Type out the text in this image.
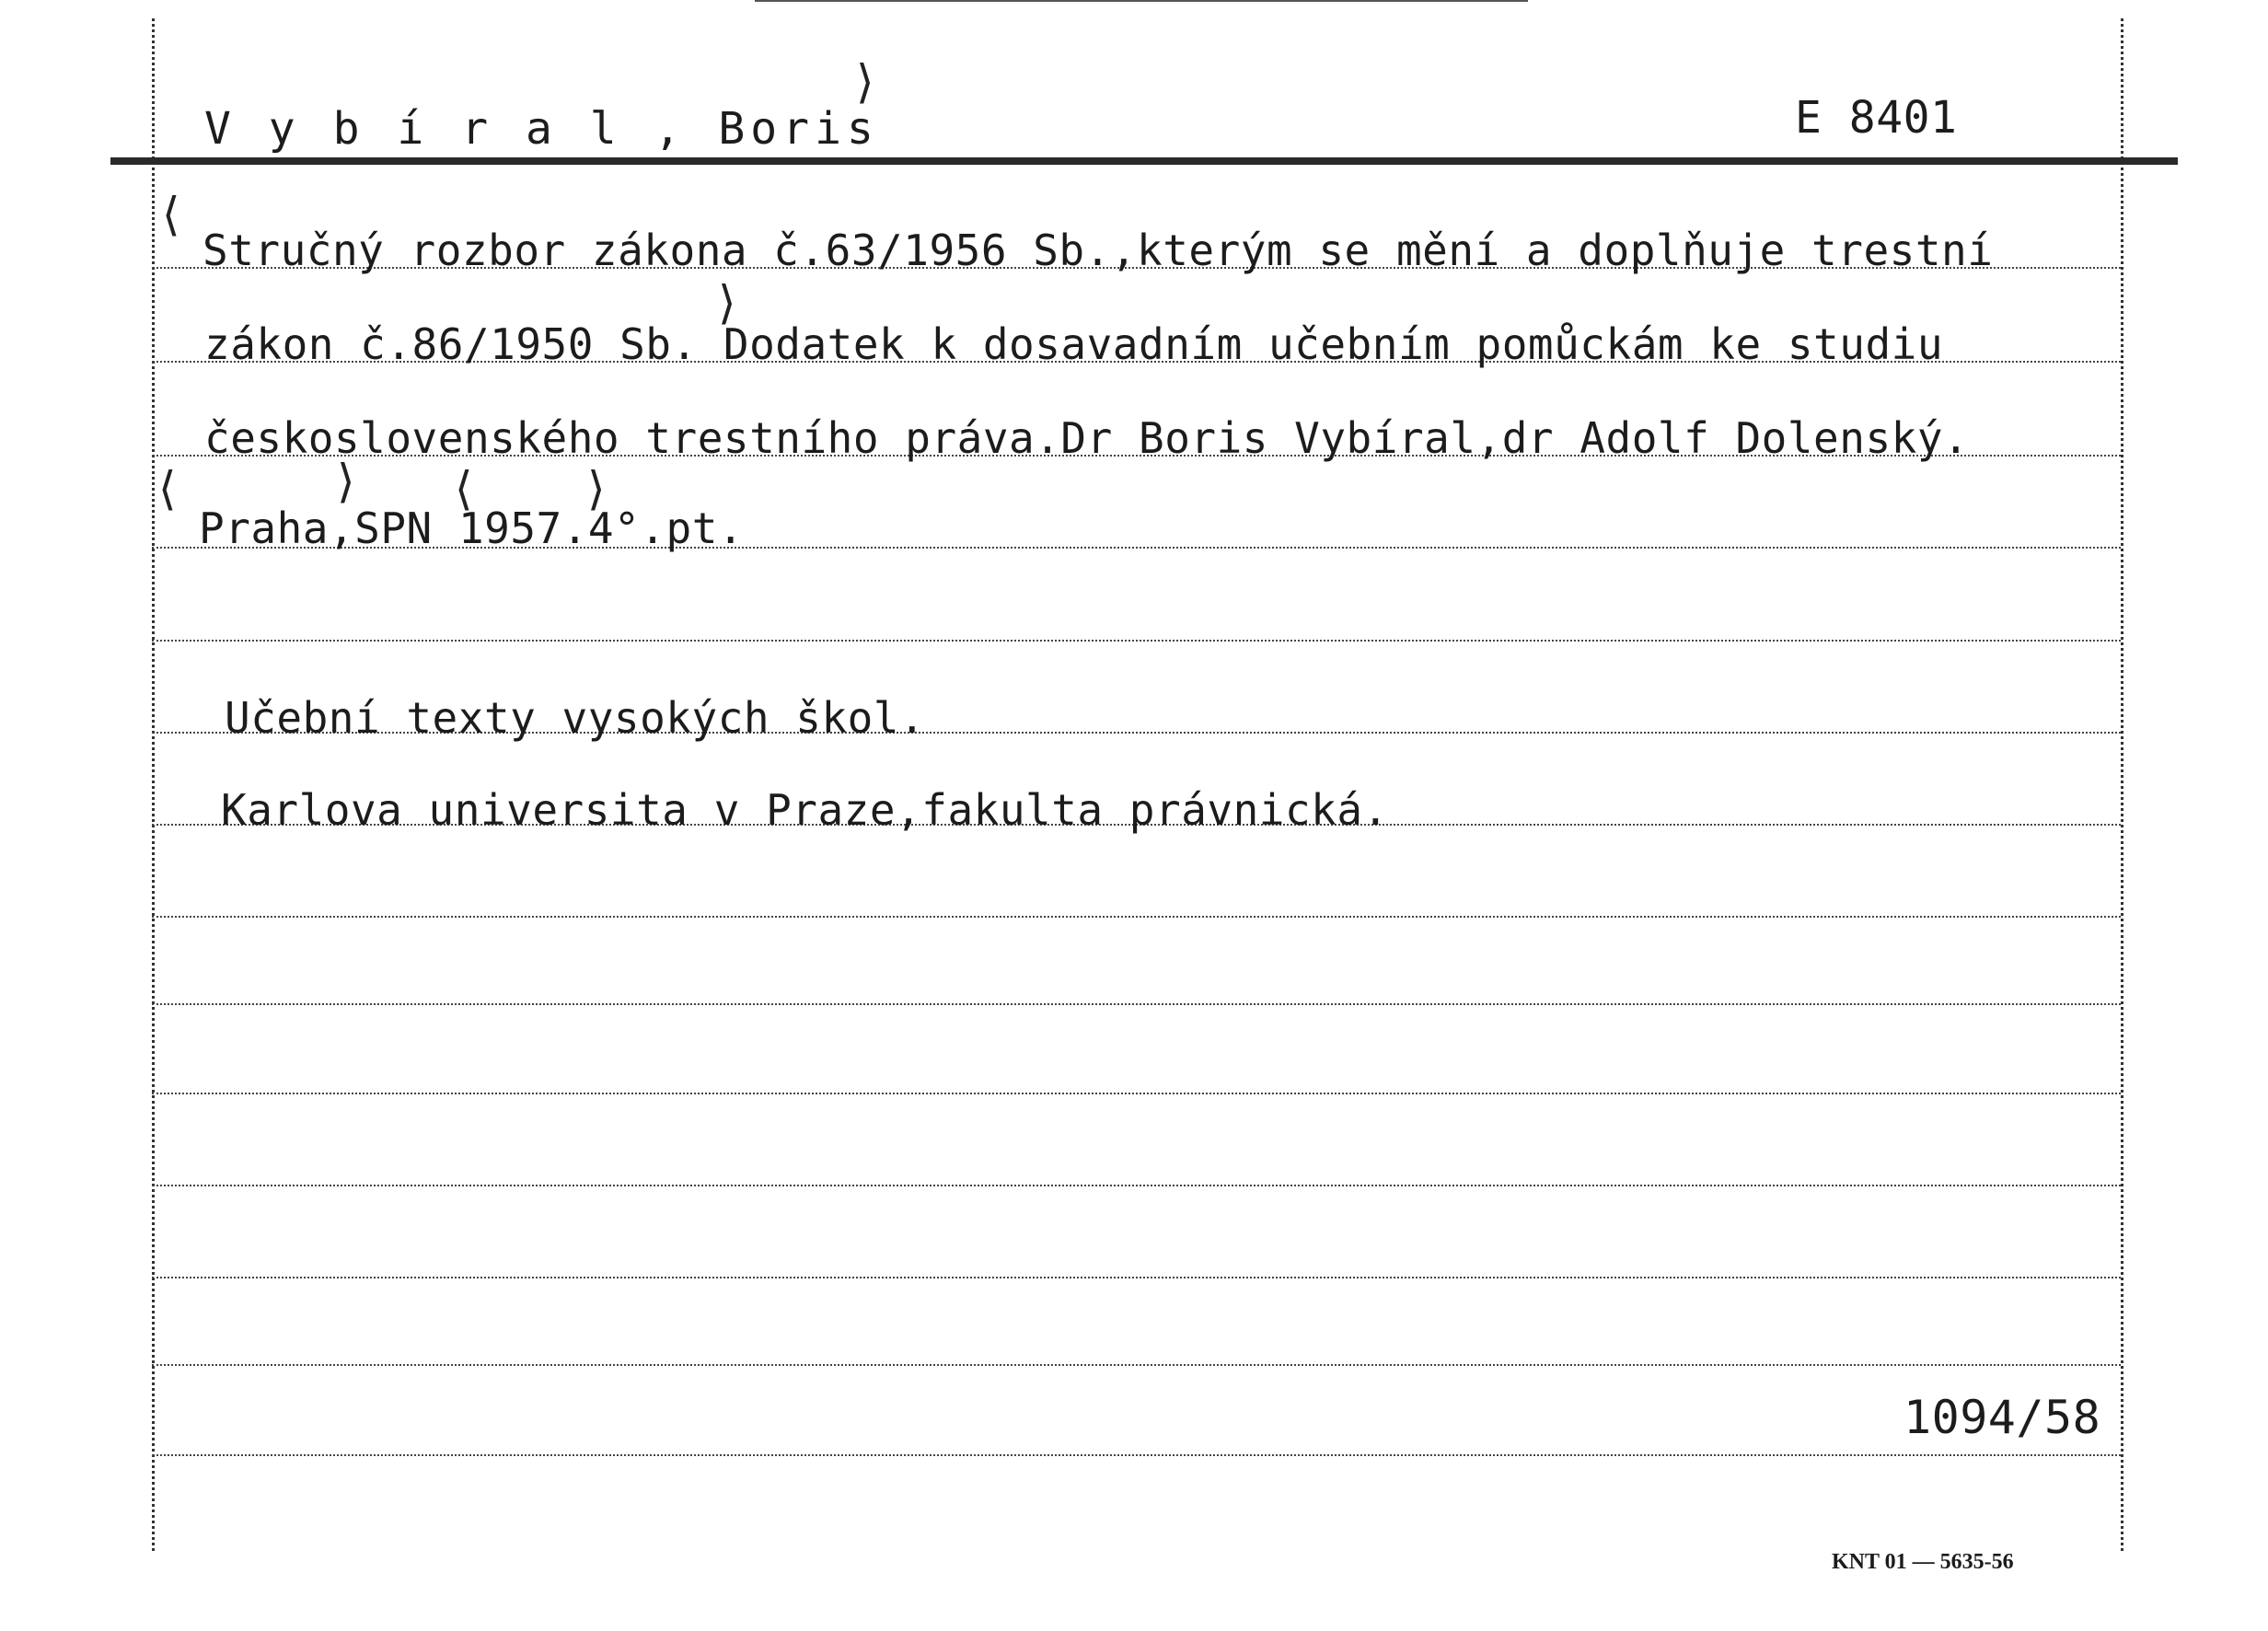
V y b í r a l , Boris	E 8401
Stručný rozbor zákona č.63/1956 Sb.,kterým se mění a doplňuje trestní
zákon č.86/1950 Sb. Dodatek k dosavadním učebním pomůckám ke studiu
československého trestního práva.Dr Boris Vybíral,dr Adolf Dolenský.
Praha,SPN 1957.4°.pt.
Učební texty vysokých škol.
Karlova universita v Praze,fakulta právnická.
1094/58
KNT 01 — 5635-56
⟨
⟩
⟩
⟨	⟩ ⟨ ⟩
